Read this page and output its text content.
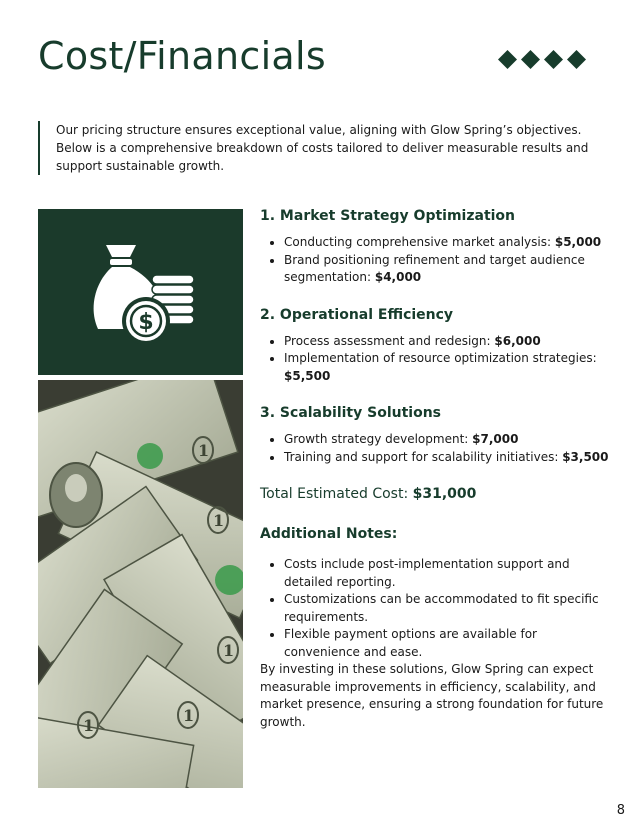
Cost/Financials
Our pricing structure ensures exceptional value, aligning with Glow Spring’s objectives. Below is a comprehensive breakdown of costs tailored to deliver measurable results and support sustainable growth.
$
1
1
1
1
1
1. Market Strategy Optimization
• Conducting comprehensive market analysis: $5,000
• Brand positioning refinement and target audience segmentation: $4,000
2. Operational Efficiency
• Process assessment and redesign: $6,000
• Implementation of resource optimization strategies: $5,500
3. Scalability Solutions
• Growth strategy development: $7,000
• Training and support for scalability initiatives: $3,500
Total Estimated Cost: $31,000
Additional Notes:
• Costs include post-implementation support and detailed reporting.
• Customizations can be accommodated to fit specific requirements.
• Flexible payment options are available for convenience and ease.

By investing in these solutions, Glow Spring can expect measurable improvements in efficiency, scalability, and market presence, ensuring a strong foundation for future growth.

8
